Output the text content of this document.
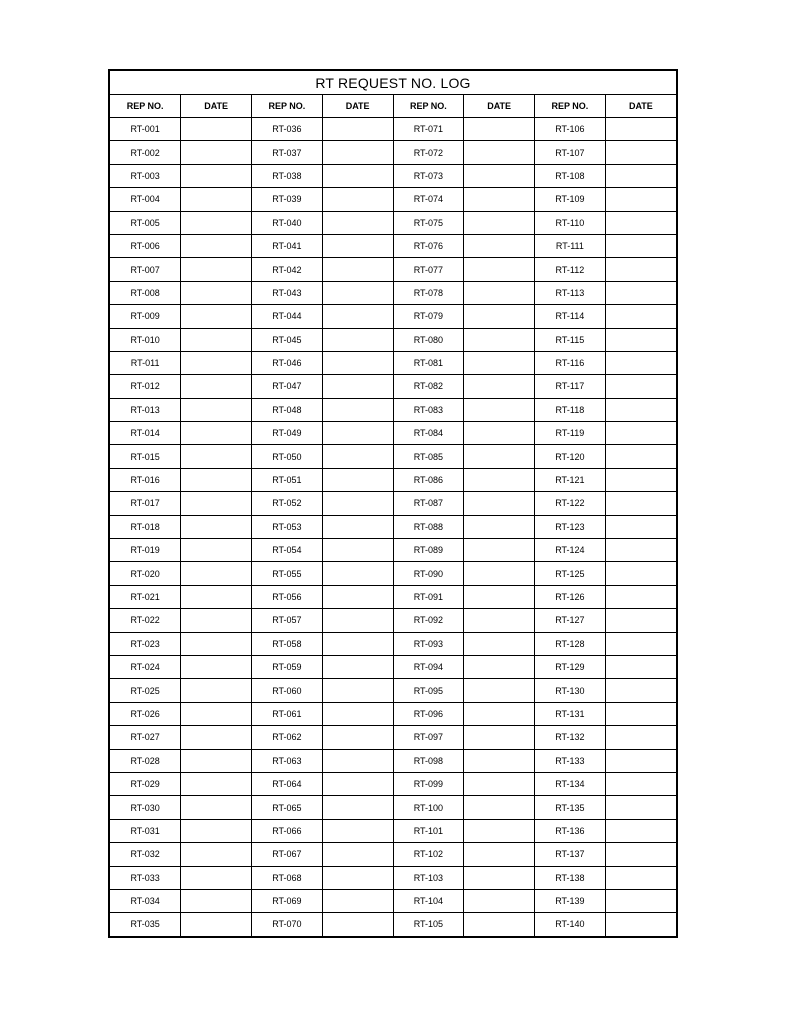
RT REQUEST NO. LOG							
REP NO.	DATE	REP NO.	DATE	REP NO.	DATE	REP NO.	DATE
RT-001		RT-036		RT-071		RT-106	
RT-002		RT-037		RT-072		RT-107	
RT-003		RT-038		RT-073		RT-108	
RT-004		RT-039		RT-074		RT-109	
RT-005		RT-040		RT-075		RT-110	
RT-006		RT-041		RT-076		RT-111	
RT-007		RT-042		RT-077		RT-112	
RT-008		RT-043		RT-078		RT-113	
RT-009		RT-044		RT-079		RT-114	
RT-010		RT-045		RT-080		RT-115	
RT-011		RT-046		RT-081		RT-116	
RT-012		RT-047		RT-082		RT-117	
RT-013		RT-048		RT-083		RT-118	
RT-014		RT-049		RT-084		RT-119	
RT-015		RT-050		RT-085		RT-120	
RT-016		RT-051		RT-086		RT-121	
RT-017		RT-052		RT-087		RT-122	
RT-018		RT-053		RT-088		RT-123	
RT-019		RT-054		RT-089		RT-124	
RT-020		RT-055		RT-090		RT-125	
RT-021		RT-056		RT-091		RT-126	
RT-022		RT-057		RT-092		RT-127	
RT-023		RT-058		RT-093		RT-128	
RT-024		RT-059		RT-094		RT-129	
RT-025		RT-060		RT-095		RT-130	
RT-026		RT-061		RT-096		RT-131	
RT-027		RT-062		RT-097		RT-132	
RT-028		RT-063		RT-098		RT-133	
RT-029		RT-064		RT-099		RT-134	
RT-030		RT-065		RT-100		RT-135	
RT-031		RT-066		RT-101		RT-136	
RT-032		RT-067		RT-102		RT-137	
RT-033		RT-068		RT-103		RT-138	
RT-034		RT-069		RT-104		RT-139	
RT-035		RT-070		RT-105		RT-140	
